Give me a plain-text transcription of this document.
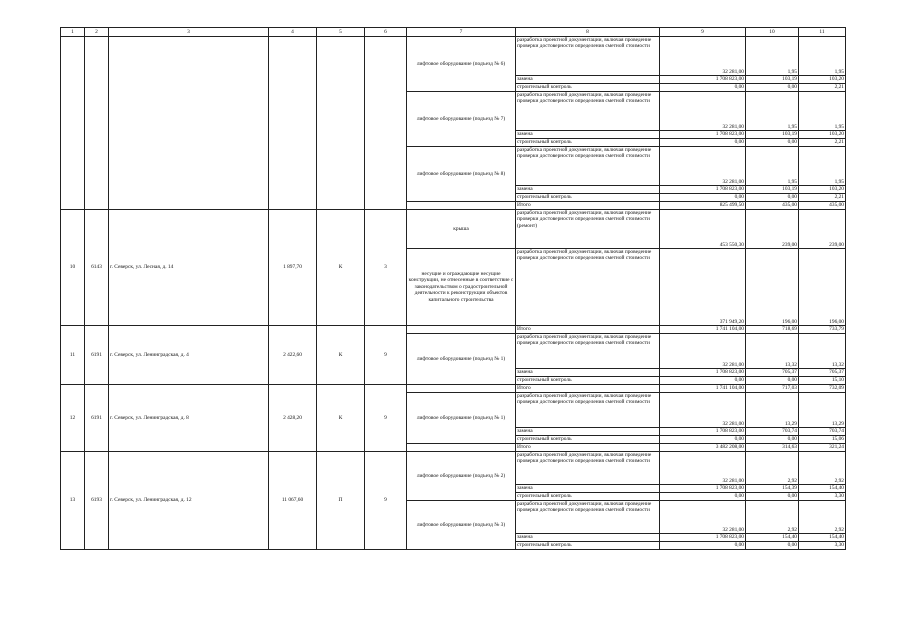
1	2	3	4	5	6	7	8	9	10	11
						лифтовое оборудование (подъезд № 6)	разработка проектной документации, включая проведение проверки достоверности определения сметной стоимости	32 281,00	1,95	1,95
							замена	1 708 823,00	103,19	103,20
							строительный контроль	0,00	0,00	2,21
						лифтовое оборудование (подъезд № 7)	разработка проектной документации, включая проведение проверки достоверности определения сметной стоимости	32 281,00	1,95	1,95
							замена	1 708 823,00	103,19	103,20
							строительный контроль	0,00	0,00	2,21
						лифтовое оборудование (подъезд № 8)	разработка проектной документации, включая проведение проверки достоверности определения сметной стоимости	32 281,00	1,95	1,95
							замена	1 708 823,00	103,19	103,20
							строительный контроль	0,00	0,00	2,21
							Итого	825 499,50	435,00	435,00
10	6143	г. Северск, ул. Лесная, д. 14	1 897,70	К	3	крыша	разработка проектной документации, включая проведение проверки достоверности определения сметной стоимости (ремонт)	453 550,30	239,00	239,00
						несущие и ограждающие несущие конструкции, не отнесенные в соответствие с законодательством о градостроительной деятельности к реконструкции объектов капитального строительства	разработка проектной документации, включая проведение проверки достоверности определения сметной стоимости	371 949,20	196,00	196,00
11	6191	г. Северск, ул. Ленинградская, д. 4	2 422,60	К	9		Итого	1 741 104,00	718,69	733,79
						лифтовое оборудование (подъезд № 1)	разработка проектной документации, включая проведение проверки достоверности определения сметной стоимости	32 281,00	13,32	13,32
							замена	1 708 823,00	705,37	705,37
							строительный контроль	0,00	0,00	15,10
12	6191	г. Северск, ул. Ленинградская, д. 8	2 428,20	К	9		Итого	1 741 104,00	717,03	732,09
						лифтовое оборудование (подъезд № 1)	разработка проектной документации, включая проведение проверки достоверности определения сметной стоимости	32 281,00	13,29	13,29
							замена	1 708 823,00	703,74	703,74
							строительный контроль	0,00	0,00	15,06
							Итого	3 482 208,00	314,63	321,24
13	6193	г. Северск, ул. Ленинградская, д. 12	11 067,60	П	9	лифтовое оборудование (подъезд № 2)	разработка проектной документации, включая проведение проверки достоверности определения сметной стоимости	32 281,00	2,92	2,92
							замена	1 708 823,00	154,39	154,40
							строительный контроль	0,00	0,00	3,30
						лифтовое оборудование (подъезд № 3)	разработка проектной документации, включая проведение проверки достоверности определения сметной стоимости	32 281,00	2,92	2,92
							замена	1 708 823,00	154,40	154,40
							строительный контроль	0,00	0,00	3,30
